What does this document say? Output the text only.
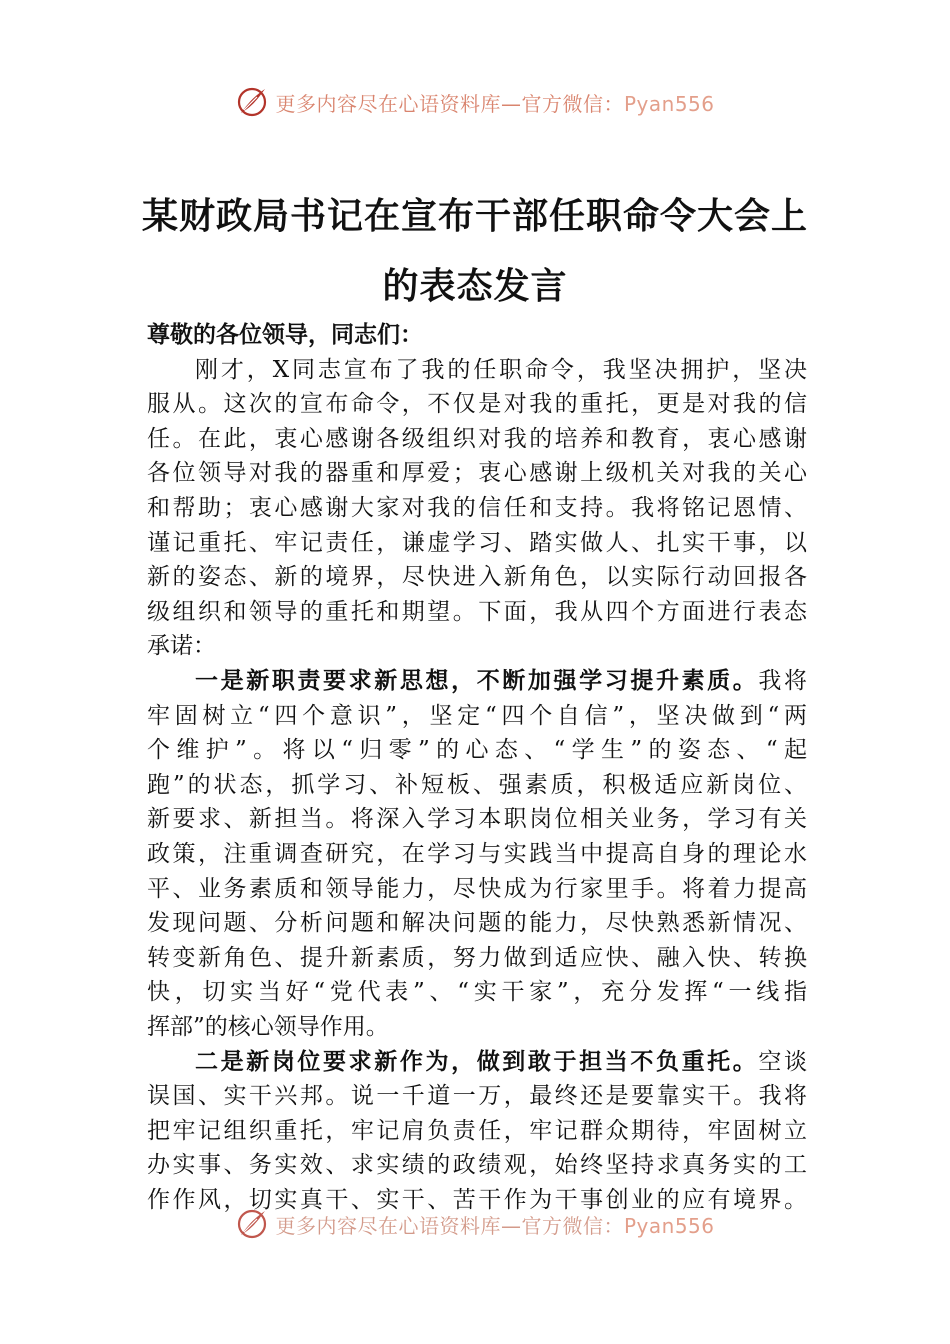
更多内容尽在心语资料库—官方微信：Pyan556
某财政局书记在宣布干部任职命令大会上
的表态发言
尊敬的各位领导，同志们：
刚才，X同志宣布了我的任职命令，我坚决拥护，坚决
服从。这次的宣布命令，不仅是对我的重托，更是对我的信
任。在此，衷心感谢各级组织对我的培养和教育，衷心感谢
各位领导对我的器重和厚爱；衷心感谢上级机关对我的关心
和帮助；衷心感谢大家对我的信任和支持。我将铭记恩情、
谨记重托、牢记责任，谦虚学习、踏实做人、扎实干事，以
新的姿态、新的境界，尽快进入新角色，以实际行动回报各
级组织和领导的重托和期望。下面，我从四个方面进行表态
承诺：
一是新职责要求新思想，不断加强学习提升素质。我将
牢固树立“四个意识”，坚定“四个自信”，坚决做到“两
个维护”。将以“归零”的心态、“学生”的姿态、“起
跑”的状态，抓学习、补短板、强素质，积极适应新岗位、
新要求、新担当。将深入学习本职岗位相关业务，学习有关
政策，注重调查研究，在学习与实践当中提高自身的理论水
平、业务素质和领导能力，尽快成为行家里手。将着力提高
发现问题、分析问题和解决问题的能力，尽快熟悉新情况、
转变新角色、提升新素质，努力做到适应快、融入快、转换
快，切实当好“党代表”、“实干家”，充分发挥“一线指
挥部”的核心领导作用。
二是新岗位要求新作为，做到敢于担当不负重托。空谈
误国、实干兴邦。说一千道一万，最终还是要靠实干。我将
把牢记组织重托，牢记肩负责任，牢记群众期待，牢固树立
办实事、务实效、求实绩的政绩观，始终坚持求真务实的工
作作风，切实真干、实干、苦干作为干事创业的应有境界。
更多内容尽在心语资料库—官方微信：Pyan556
